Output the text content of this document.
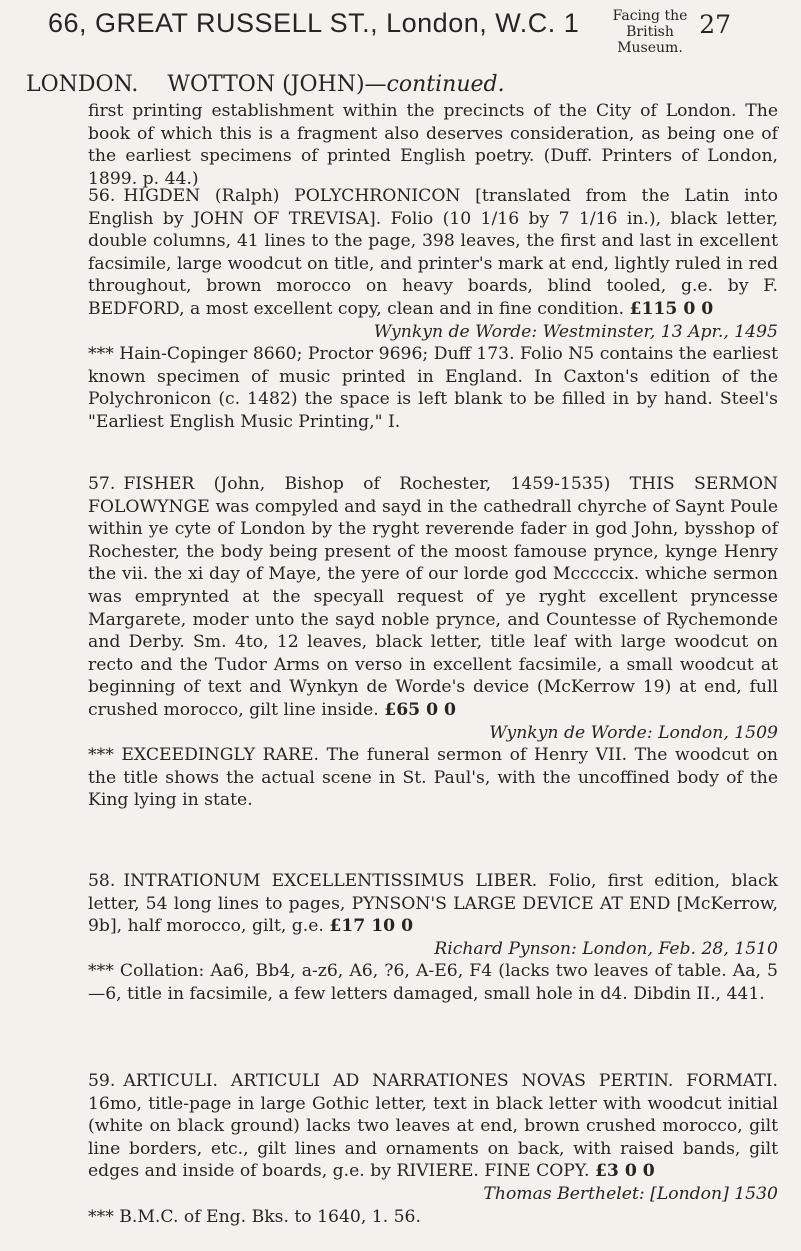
66, GREAT RUSSELL ST., London, W.C. 1	Facing the British Museum.
27
LONDON. WOTTON (JOHN)—continued.

first printing establishment within the precincts of the City of London. The book of which this is a fragment also deserves consideration, as being one of the earliest specimens of printed English poetry. (Duff. Printers of London, 1899. p. 44.)

56. HIGDEN (Ralph) POLYCHRONICON [translated from the Latin into English by JOHN OF TREVISA]. Folio (10 1/16 by 7 1/16 in.), black letter, double columns, 41 lines to the page, 398 leaves, the first and last in excellent facsimile, large woodcut on title, and printer's mark at end, lightly ruled in red throughout, brown morocco on heavy boards, blind tooled, g.e. by F. BEDFORD, a most excellent copy, clean and in fine condition. £115 0 0

Wynkyn de Worde: Westminster, 13 Apr., 1495

*** Hain-Copinger 8660; Proctor 9696; Duff 173. Folio N5 contains the earliest known specimen of music printed in England. In Caxton's edition of the Polychronicon (c. 1482) the space is left blank to be filled in by hand. Steel's "Earliest English Music Printing," I.

57. FISHER (John, Bishop of Rochester, 1459-1535) THIS SERMON FOLOWYNGE was compyled and sayd in the cathedrall chyrche of Saynt Poule within ye cyte of London by the ryght reverende fader in god John, bysshop of Rochester, the body being present of the moost famouse prynce, kynge Henry the vii. the xi day of Maye, the yere of our lorde god Mcccccix. whiche sermon was emprynted at the specyall request of ye ryght excellent pryncesse Margarete, moder unto the sayd noble prynce, and Countesse of Rychemonde and Derby. Sm. 4to, 12 leaves, black letter, title leaf with large woodcut on recto and the Tudor Arms on verso in excellent facsimile, a small woodcut at beginning of text and Wynkyn de Worde's device (McKerrow 19) at end, full crushed morocco, gilt line inside. £65 0 0

Wynkyn de Worde: London, 1509

*** EXCEEDINGLY RARE. The funeral sermon of Henry VII. The woodcut on the title shows the actual scene in St. Paul's, with the uncoffined body of the King lying in state.

58. INTRATIONUM EXCELLENTISSIMUS LIBER. Folio, first edition, black letter, 54 long lines to pages, PYNSON'S LARGE DEVICE AT END [McKerrow, 9b], half morocco, gilt, g.e. £17 10 0

Richard Pynson: London, Feb. 28, 1510

*** Collation: Aa6, Bb4, a-z6, A6, ?6, A-E6, F4 (lacks two leaves of table. Aa, 5—6, title in facsimile, a few letters damaged, small hole in d4. Dibdin II., 441.

59. ARTICULI. ARTICULI AD NARRATIONES NOVAS PERTIN. FORMATI. 16mo, title-page in large Gothic letter, text in black letter with woodcut initial (white on black ground) lacks two leaves at end, brown crushed morocco, gilt line borders, etc., gilt lines and ornaments on back, with raised bands, gilt edges and inside of boards, g.e. by RIVIERE. FINE COPY. £3 0 0

Thomas Berthelet: [London] 1530

*** B.M.C. of Eng. Bks. to 1640, 1. 56.
